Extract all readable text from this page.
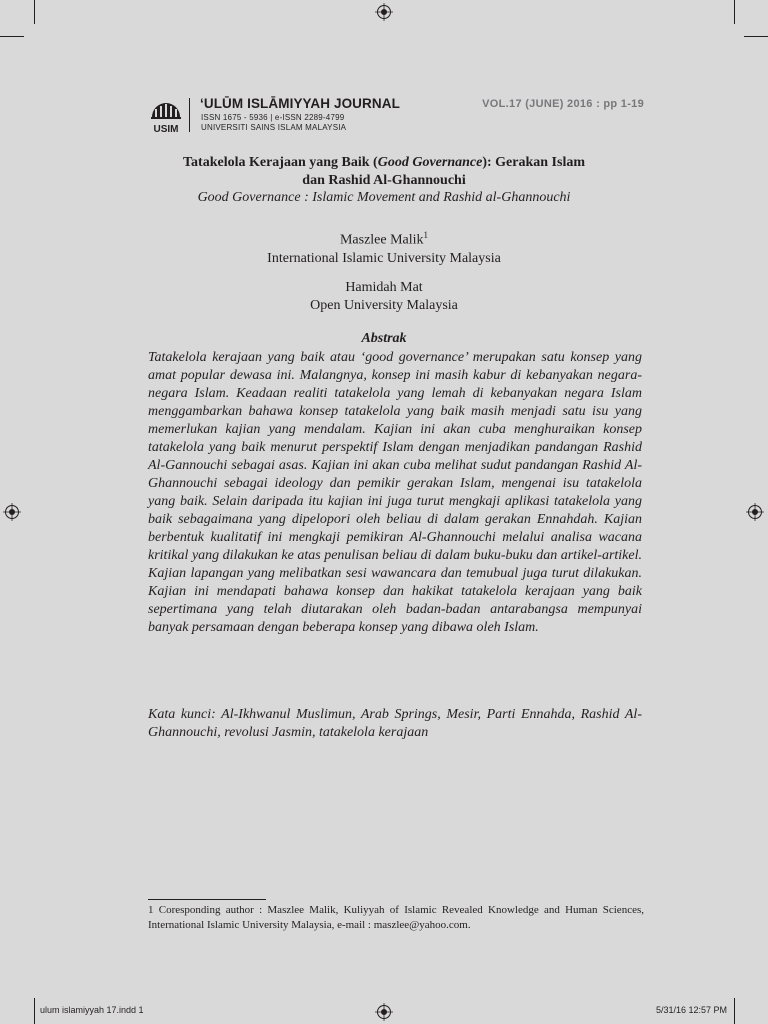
USIM
ʻULŪM ISLĀMIYYAH JOURNAL
ISSN 1675 - 5936 | e-ISSN 2289-4799
UNIVERSITI SAINS ISLAM MALAYSIA
VOL.17 (JUNE) 2016 : pp 1-19
Tatakelola Kerajaan yang Baik (Good Governance): Gerakan Islam
dan Rashid Al-Ghannouchi
Good Governance : Islamic Movement and Rashid al-Ghannouchi
Maszlee Malik$^1$
International Islamic University Malaysia
Hamidah Mat
Open University Malaysia
Abstrak

Tatakelola kerajaan yang baik atau ‘good governance’ merupakan satu konsep yang amat popular dewasa ini. Malangnya, konsep ini masih kabur di kebanyakan negara-negara Islam. Keadaan realiti tatakelola yang lemah di kebanyakan negara Islam menggambarkan bahawa konsep tatakelola yang baik masih menjadi satu isu yang memerlukan kajian yang mendalam. Kajian ini akan cuba menghuraikan konsep tatakelola yang baik menurut perspektif Islam dengan menjadikan pandangan Rashid Al-Gannouchi sebagai asas. Kajian ini akan cuba melihat sudut pandangan Rashid Al-Ghannouchi sebagai ideology dan pemikir gerakan Islam, mengenai isu tatakelola yang baik. Selain daripada itu kajian ini juga turut mengkaji aplikasi tatakelola yang baik sebagaimana yang dipelopori oleh beliau di dalam gerakan Ennahdah. Kajian berbentuk kualitatif ini mengkaji pemikiran Al-Ghannouchi melalui analisa wacana kritikal yang dilakukan ke atas penulisan beliau di dalam buku-buku dan artikel-artikel. Kajian lapangan yang melibatkan sesi wawancara dan temubual juga turut dilakukan. Kajian ini mendapati bahawa konsep dan hakikat tatakelola kerajaan yang baik sepertimana yang telah diutarakan oleh badan-badan antarabangsa mempunyai banyak persamaan dengan beberapa konsep yang dibawa oleh Islam.

Kata kunci: Al-Ikhwanul Muslimun, Arab Springs, Mesir, Parti Ennahda, Rashid Al-Ghannouchi, revolusi Jasmin, tatakelola kerajaan

1 Coresponding author : Maszlee Malik, Kuliyyah of Islamic Revealed Knowledge and Human Sciences, International Islamic University Malaysia, e-mail : maszlee@yahoo.com.

ulum islamiyyah 17.indd 1	5/31/16 12:57 PM
